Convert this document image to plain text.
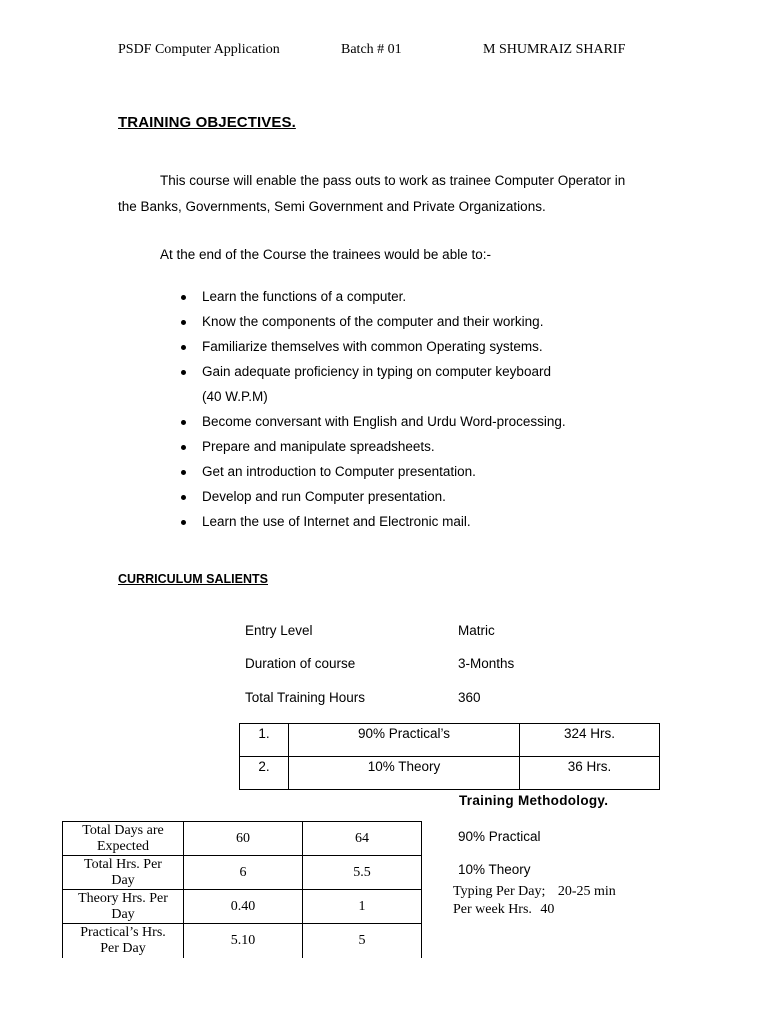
PSDF Computer Application	Batch # 01	M SHUMRAIZ SHARIF
TRAINING OBJECTIVES.
This course will enable the pass outs to work as trainee Computer Operator in
the Banks, Governments, Semi Government and Private Organizations.
At the end of the Course the trainees would be able to:-
Learn the functions of a computer.
Know the components of the computer and their working.
Familiarize themselves with common Operating systems.
Gain adequate proficiency in typing on computer keyboard
(40 W.P.M)
Become conversant with English and Urdu Word-processing.
Prepare and manipulate spreadsheets.
Get an introduction to Computer presentation.
Develop and run Computer presentation.
Learn the use of Internet and Electronic mail.
CURRICULUM SALIENTS
Entry Level	Matric
Duration of course	3-Months
Total Training Hours	360
1.	90% Practical’s	324 Hrs.
2.	10% Theory	36 Hrs.
Training Methodology.
90% Practical
10% Theory
Typing Per Day; 20-25 min
Per week Hrs. 40
Total Days are
Expected	60	64
Total Hrs. Per
Day	6	5.5
Theory Hrs. Per
Day	0.40	1
Practical’s Hrs.
Per Day	5.10	5
